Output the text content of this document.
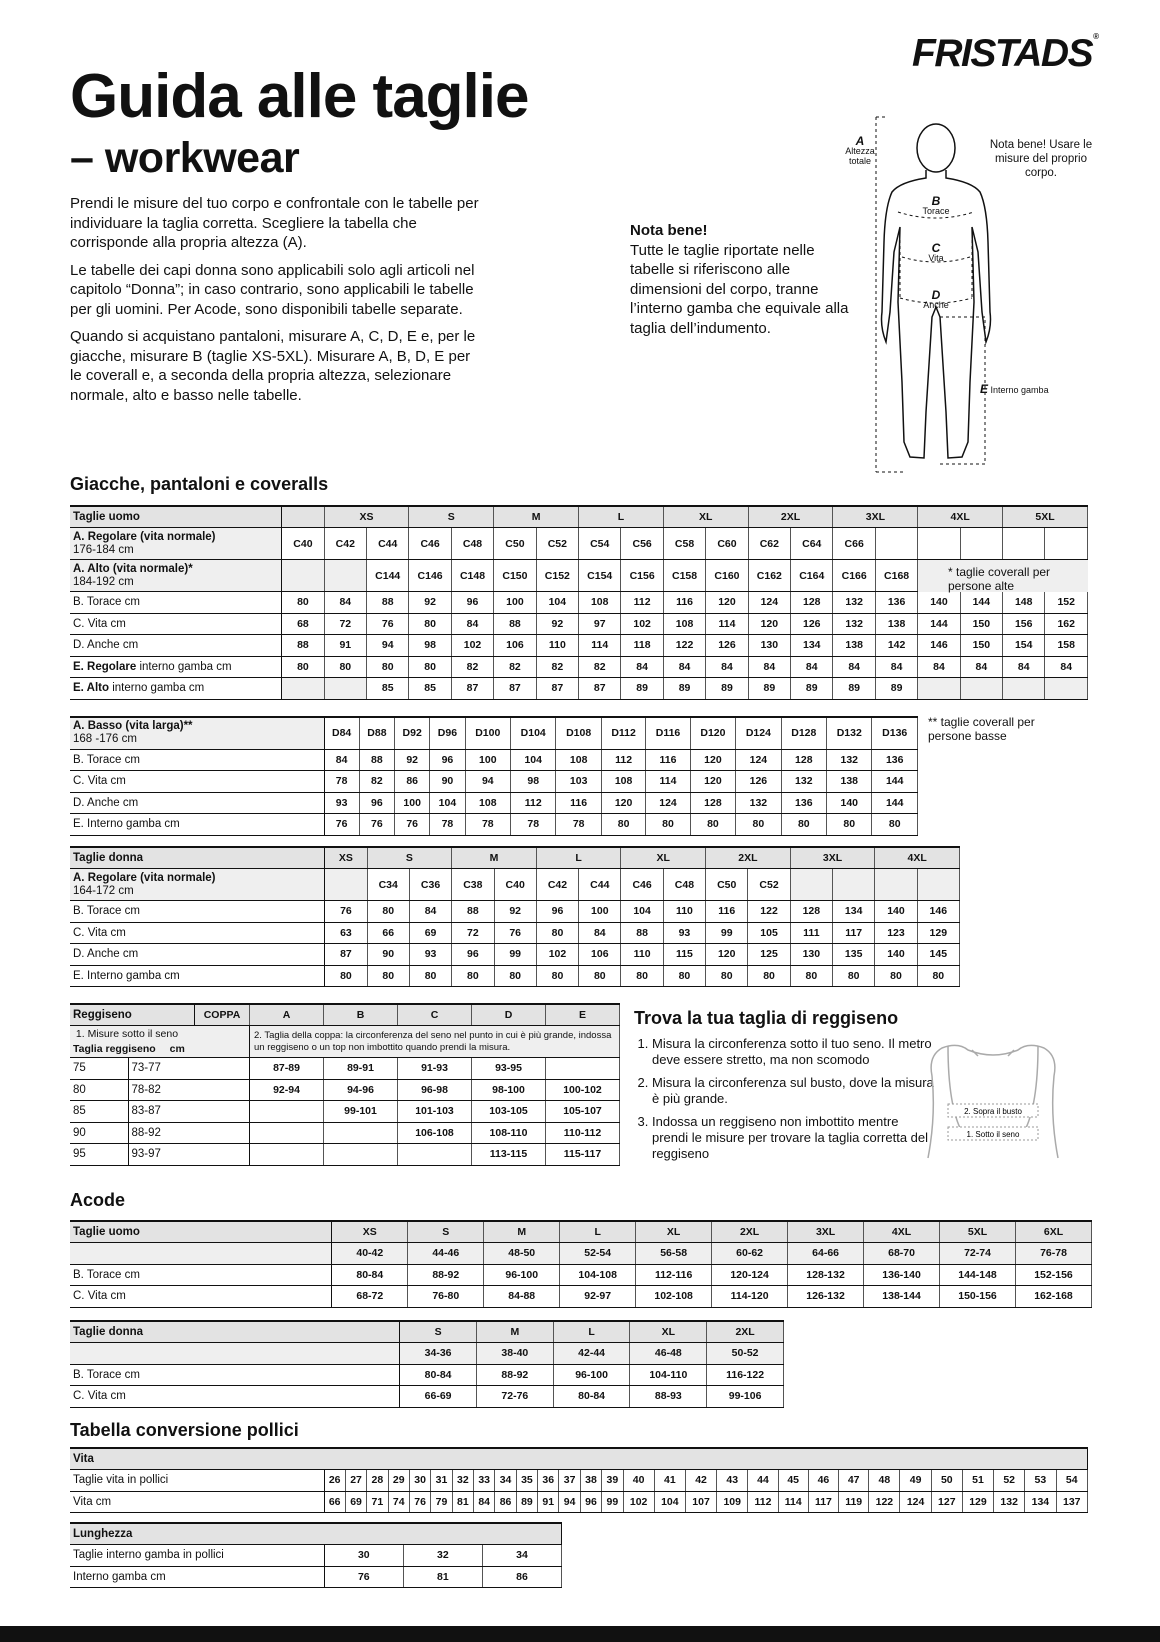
FRISTADS®
Guida alle taglie
– workwear

Prendi le misure del tuo corpo e confrontale con le tabelle per individuare la taglia corretta. Scegliere la tabella che corrisponde alla propria altezza (A).

Le tabelle dei capi donna sono applicabili solo agli articoli nel capitolo “Donna”; in caso contrario, sono applicabili le tabelle per gli uomini. Per Acode, sono disponibili tabelle separate.

Quando si acquistano pantaloni, misurare A, C, D, E e, per le giacche, misurare B (taglie XS-5XL). Misurare A, B, D, E per le coverall e, a seconda della propria altezza, selezionare normale, alto e basso nelle tabelle.

Nota bene!
Tutte le taglie riportate nelle tabelle si riferiscono alle dimensioni del corpo, tranne l’interno gamba che equivale alla taglia dell’indumento.
A
Altezza totale
Nota bene! Usare le misure del proprio corpo.
B
Torace
C
Vita
D
Anche
E Interno gamba
Giacche, pantaloni e coveralls
Taglie uomo		XS		S		M		L		XL		2XL		3XL		4XL		5XL	
A. Regolare (vita normale)
176-184 cm	C40	C42	C44	C46	C48	C50	C52	C54	C56	C58	C60	C62	C64	C66					
A. Alto (vita normale)*
184-192 cm			C144	C146	C148	C150	C152	C154	C156	C158	C160	C162	C164	C166	C168				
B. Torace cm	80	84	88	92	96	100	104	108	112	116	120	124	128	132	136	140	144	148	152
C. Vita cm	68	72	76	80	84	88	92	97	102	108	114	120	126	132	138	144	150	156	162
D. Anche cm	88	91	94	98	102	106	110	114	118	122	126	130	134	138	142	146	150	154	158
E. Regolare interno gamba cm	80	80	80	80	82	82	82	82	84	84	84	84	84	84	84	84	84	84	84
E. Alto interno gamba cm			85	85	87	87	87	87	89	89	89	89	89	89	89				
* taglie coverall per persone alte
A. Basso (vita larga)**
168 -176 cm	D84	D88	D92	D96	D100	D104	D108	D112	D116	D120	D124	D128	D132	D136
B. Torace cm	84	88	92	96	100	104	108	112	116	120	124	128	132	136
C. Vita cm	78	82	86	90	94	98	103	108	114	120	126	132	138	144
D. Anche cm	93	96	100	104	108	112	116	120	124	128	132	136	140	144
E. Interno gamba cm	76	76	76	78	78	78	78	80	80	80	80	80	80	80
** taglie coverall per persone basse
Taglie donna	XS	S		M		L		XL		2XL		3XL		4XL	
A. Regolare (vita normale)
164-172 cm		C34	C36	C38	C40	C42	C44	C46	C48	C50	C52				
B. Torace cm	76	80	84	88	92	96	100	104	110	116	122	128	134	140	146
C. Vita cm	63	66	69	72	76	80	84	88	93	99	105	111	117	123	129
D. Anche cm	87	90	93	96	99	102	106	110	115	120	125	130	135	140	145
E. Interno gamba cm	80	80	80	80	80	80	80	80	80	80	80	80	80	80	80
Reggiseno		COPPA	A	B	C	D	E
1. Misure sotto il seno
Taglia reggiseno cm			2. Taglia della coppa: la circonferenza del seno nel punto in cui è più grande, indossa un reggiseno o un top non imbottito quando prendi la misura.				
75	73-77		87-89	89-91	91-93	93-95	
80	78-82		92-94	94-96	96-98	98-100	100-102
85	83-87			99-101	101-103	103-105	105-107
90	88-92				106-108	108-110	110-112
95	93-97					113-115	115-117
Trova la tua taglia di reggiseno
1. Misura la circonferenza sotto il tuo seno. Il metro deve essere stretto, ma non scomodo
2. Misura la circonferenza sul busto, dove la misura è più grande.
3. Indossa un reggiseno non imbottito mentre prendi le misure per trovare la taglia corretta del reggiseno
2. Sopra il busto
1. Sotto il seno
Acode
Taglie uomo	XS	S	M	L	XL	2XL	3XL	4XL	5XL	6XL
	40-42	44-46	48-50	52-54	56-58	60-62	64-66	68-70	72-74	76-78
B. Torace cm	80-84	88-92	96-100	104-108	112-116	120-124	128-132	136-140	144-148	152-156
C. Vita cm	68-72	76-80	84-88	92-97	102-108	114-120	126-132	138-144	150-156	162-168
Taglie donna	S	M	L	XL	2XL
	34-36	38-40	42-44	46-48	50-52
B. Torace cm	80-84	88-92	96-100	104-110	116-122
C. Vita cm	66-69	72-76	80-84	88-93	99-106
Tabella conversione pollici
Vita																													
Taglie vita in pollici	26	27	28	29	30	31	32	33	34	35	36	37	38	39	40	41	42	43	44	45	46	47	48	49	50	51	52	53	54
Vita cm	66	69	71	74	76	79	81	84	86	89	91	94	96	99	102	104	107	109	112	114	117	119	122	124	127	129	132	134	137
Lunghezza			
Taglie interno gamba in pollici	30	32	34
Interno gamba cm	76	81	86
